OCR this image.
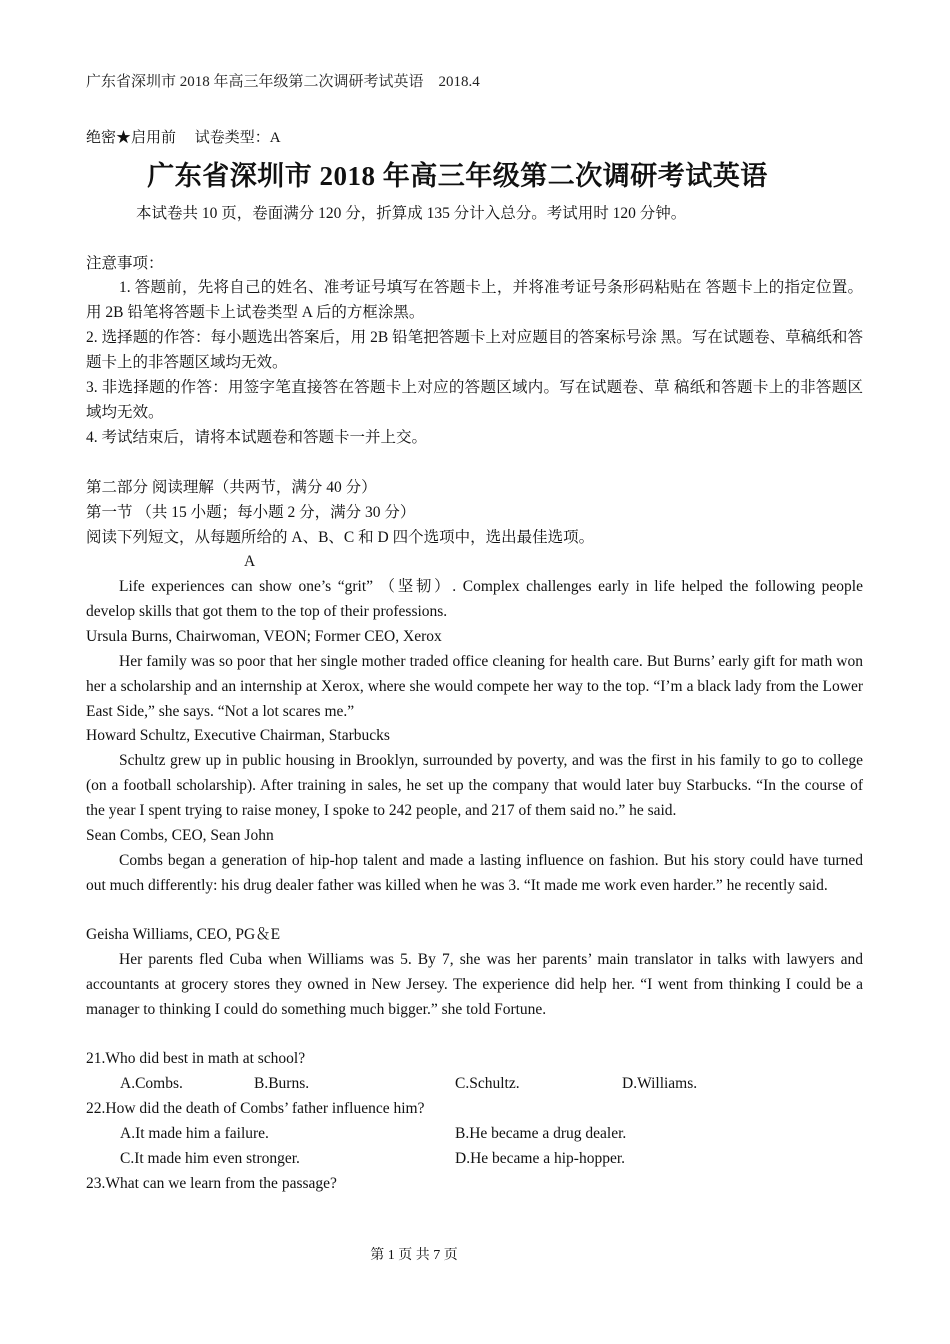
广东省深圳市 2018 年高三年级第二次调研考试英语　2018.4
绝密★启用前　 试卷类型：A
广东省深圳市 2018 年高三年级第二次调研考试英语
本试卷共 10 页，卷面满分 120 分，折算成 135 分计入总分。考试用时 120 分钟。
注意事项：
1. 答题前，先将自己的姓名、准考证号填写在答题卡上，并将准考证号条形码粘贴在 答题卡上的指定位置。用 2B 铅笔将答题卡上试卷类型 A 后的方框涂黑。
2. 选择题的作答：每小题选出答案后，用 2B 铅笔把答题卡上对应题目的答案标号涂 黑。写在试题卷、草稿纸和答题卡上的非答题区域均无效。
3. 非选择题的作答：用签字笔直接答在答题卡上对应的答题区域内。写在试题卷、草 稿纸和答题卡上的非答题区域均无效。
4. 考试结束后，请将本试题卷和答题卡一并上交。
第二部分 阅读理解（共两节，满分 40 分）
第一节 （共 15 小题；每小题 2 分，满分 30 分）
阅读下列短文，从每题所给的 A、B、C 和 D 四个选项中，选出最佳选项。
A
Life experiences can show one’s “grit” （坚韧）. Complex challenges early in life helped the following people develop skills that got them to the top of their professions.
Ursula Burns, Chairwoman, VEON; Former CEO, Xerox
Her family was so poor that her single mother traded office cleaning for health care. But Burns’ early gift for math won her a scholarship and an internship at Xerox, where she would compete her way to the top. “I’m a black lady from the Lower East Side,” she says. “Not a lot scares me.”
Howard Schultz, Executive Chairman, Starbucks
Schultz grew up in public housing in Brooklyn, surrounded by poverty, and was the first in his family to go to college (on a football scholarship). After training in sales, he set up the company that would later buy Starbucks. “In the course of the year I spent trying to raise money, I spoke to 242 people, and 217 of them said no.” he said.
Sean Combs, CEO, Sean John
Combs began a generation of hip-hop talent and made a lasting influence on fashion. But his story could have turned out much differently: his drug dealer father was killed when he was 3. “It made me work even harder.” he recently said.
Geisha Williams, CEO, PG＆E
Her parents fled Cuba when Williams was 5. By 7, she was her parents’ main translator in talks with lawyers and accountants at grocery stores they owned in New Jersey. The experience did help her. “I went from thinking I could be a manager to thinking I could do something much bigger.” she told Fortune.
21.Who did best in math at school?
A.Combs.	B.Burns.	C.Schultz.	D.Williams.
22.How did the death of Combs’ father influence him?
A.It made him a failure.	B.He became a drug dealer.
C.It made him even stronger.	D.He became a hip-hopper.
23.What can we learn from the passage?
第 1 页 共 7 页
